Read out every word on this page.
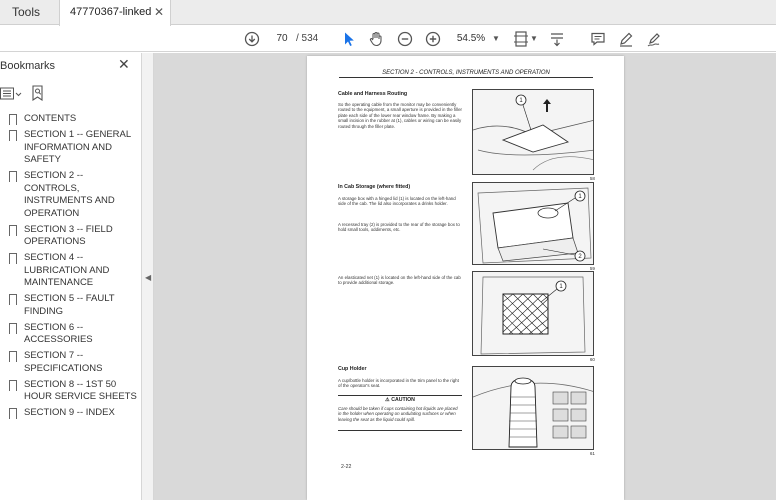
Tools	47770367-linked ✕
70
/ 534	54.5% ▼	▼
Bookmarks	✕
CONTENTS
SECTION 1 -- GENERAL INFORMATION AND SAFETY
SECTION 2 -- CONTROLS, INSTRUMENTS AND OPERATION
SECTION 3 -- FIELD OPERATIONS
SECTION 4 -- LUBRICATION AND MAINTENANCE
SECTION 5 -- FAULT FINDING
SECTION 6 -- ACCESSORIES
SECTION 7 -- SPECIFICATIONS
SECTION 8 -- 1ST 50 HOUR SERVICE SHEETS
SECTION 9 -- INDEX
◀
SECTION 2 - CONTROLS, INSTRUMENTS AND OPERATION
Cable and Harness Routing
So the operating cable from the monitor may be conveniently routed to the equipment, a small aperture is provided in the filler plate each side of the lower rear window frame. By making a small incision in the rubber at (1), cables or wiring can be easily routed through the filler plate.
1
58
In Cab Storage (where fitted)
A storage box with a hinged lid (1) is located on the left-hand side of the cab. The lid also incorporates a drinks holder.
A recessed tray (2) is provided to the rear of the storage box to hold small tools, oddiments, etc.
1
2
59
An elasticated net (1) is located on the left-hand side of the cab to provide additional storage.
1
60
Cup Holder
A cup/bottle holder is incorporated in the trim panel to the right of the operator's seat.
⚠ CAUTION
Care should be taken if cups containing hot liquids are placed in the holder when operating on undulating surfaces or when leaving the seat as the liquid could spill.
61
2-22
